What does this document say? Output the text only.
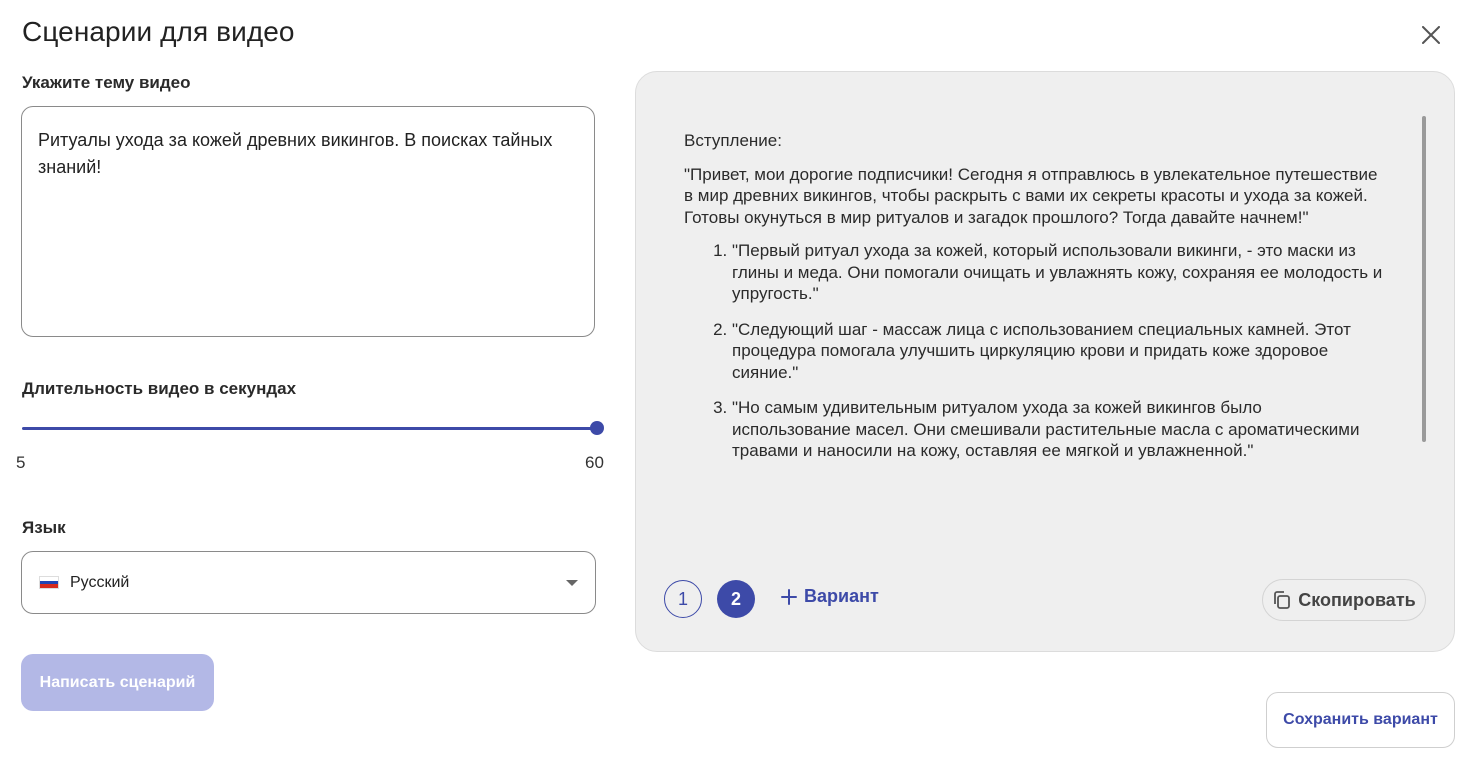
Сценарии для видео
Укажите тему видео
Ритуалы ухода за кожей древних викингов. В поисках тайных знаний!
Длительность видео в секундах
5	60
Язык
Русский
Написать сценарий

Вступление:

"Привет, мои дорогие подписчики! Сегодня я отправлюсь в увлекательное путешествие в мир древних викингов, чтобы раскрыть с вами их секреты красоты и ухода за кожей. Готовы окунуться в мир ритуалов и загадок прошлого? Тогда давайте начнем!"

1. "Первый ритуал ухода за кожей, который использовали викинги, - это маски из глины и меда. Они помогали очищать и увлажнять кожу, сохраняя ее молодость и упругость."
2. "Следующий шаг - массаж лица с использованием специальных камней. Этот процедура помогала улучшить циркуляцию крови и придать коже здоровое сияние."
3. "Но самым удивительным ритуалом ухода за кожей викингов было использование масел. Они смешивали растительные масла с ароматическими травами и наносили на кожу, оставляя ее мягкой и увлажненной."
1	2	Вариант	Скопировать
Сохранить вариант
